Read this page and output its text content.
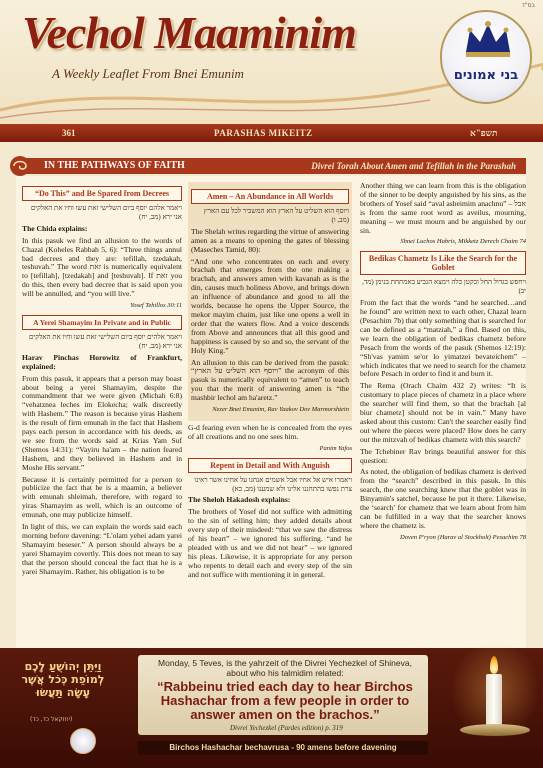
בס"ד
Vechol Maaminim
A Weekly Leaflet From Bnei Emunim	בני אמונים
361	PARASHAS MIKEITZ	תשפ"א
IN THE PATHWAYS OF FAITH	Divrei Torah About Amen and Tefillah in the Parashah
“Do This” and Be Spared from Decrees
ויאמר אלהם יוסף ביום השלישי זאת עשו וחיו את האלקים אני ירא (מב, יח)

The Chida explains:

In this pasuk we find an allusion to the words of Chazal (Koheles Rabbah 5, 6): “Three things annul bad decrees and they are: tefillah, tzedakah, teshuvah.” The word זאת is numerically equivalent to [tefillah], [tzedakah] and [teshuvah]. If זאת you do this, then every bad decree that is said upon you will be annulled, and “you will live.”

Yosef Tehillos 30:11
A Yerei Shamayim In Private and in Public
ויאמר אלהים יוסף ביום השלישי זאת עשו וחיו את האלקים אני ירא (מב, יח)

Harav Pinchas Horowitz of Frankfurt, explained:

From this pasuk, it appears that a person may boast about being a yerei Shamayim, despite the commandment that we were given (Michah 6:8) “vehatznea leches im Elokecha; walk discreetly with Hashem.” The reason is because yiras Hashem is the result of firm emunah in the fact that Hashem pays each person in accordance with his deeds, as we see from the words said at Krias Yam Suf (Shemos 14:31): “Vayiru ha'am – the nation feared Hashem, and they believed in Hashem and in Moshe His servant.”

Because it is certainly permitted for a person to publicize the fact that he is a maamin, a believer with emunah shleimah, therefore, with regard to yiras Shamayim as well, which is an outcome of emunah, one may publicize himself.

In light of this, we can explain the words said each morning before davening: “L'olam yehei adam yarei Shamayim beseser.” A person should always be a yarei Shamayim covertly. This does not mean to say that the person should conceal the fact that he is a yarei Shamayim. Rather, his obligation is to be

Amen – An Abundance in All Worlds
ויוסף הוא השליט על הארץ הוא המשביר לכל עם הארץ (מב, ו)

The Shelah writes regarding the virtue of answering amen as a means to opening the gates of blessing (Maseches Tamid, 80):

“And one who concentrates on each and every brachah that emerges from the one making a brachah, and answers amen with kavanah as is the din, causes much holiness Above, and brings down an influence of abundance and good to all the worlds, because he opens the Upper Source, the mekor mayim chaim, just like one opens a well in order that the waters flow. And a voice descends from Above and announces that all this good and happiness is caused by so and so, the servant of the Holy King.”

An allusion to this can be derived from the pasuk: “ויוסף הוא השליט על הארץ” the acronym of this pasuk is numerically equivalent to “amen” to teach you that the merit of answering amen is “the mashbir lechol am ha'aretz.”

Nezer Bnei Emunim, Rav Yaakov Dov Marmorshtein

G-d fearing even when he is concealed from the eyes of all creations and no one sees him.

Panim Yafos
Repent in Detail and With Anguish
ויאמרו איש אל אחיו אבל אשמים אנחנו על אחינו אשר ראינו צרת נפשו בהתחננו אלינו ולא שמענו (מב, כא)

The Sheloh Hakadosh explains:

The brothers of Yosef did not suffice with admitting to the sin of selling him; they added details about every step of their misdeed: “that we saw the distress of his heart” – we ignored his suffering. “and he pleaded with us and we did not hear” – we ignored his pleas. Likewise, it is appropriate for any person who repents to detail each and every step of the sin and not suffice with mentioning it in general.

Another thing we can learn from this is the obligation of the sinner to be deeply anguished by his sins, as the brothers of Yosef said “aval asheimim anachnu” – אבל is from the same root word as aveilus, mourning, meaning – we must mourn and be anguished by our sin.

Shnei Luchos Habris, Mikketz Derech Chaim 74
Bedikas Chametz Is Like the Search for the Goblet
ויחפש בגדול החל ובקטן כלה וימצא הגביע באמתחת בנימן (מד, יב)

From the fact that the words “and he searched…and he found” are written next to each other, Chazal learn (Pesachim 7b) that only something that is searched for can be defined as a “matziah,” a find. Based on this, we learn the obligation of bedikas chametz before Pesach from the words of the pasuk (Shemos 12:19): “Sh'vas yamim se'or lo yimatzei bevateichem” – which indicates that we need to search for the chametz before Pesach in order to find it and burn it.

The Rema (Orach Chaim 432 2) writes: “It is customary to place pieces of chametz in a place where the searcher will find them, so that the brachah [al biur chametz] should not be in vain.” Many have asked about this custom: Can't the searcher easily find out where the pieces were placed? How does he carry out the mitzvah of bedikas chametz with this search?

The Tchebiner Rav brings beautiful answer for this question:

As noted, the obligation of bedikas chametz is derived from the “search” described in this pasuk. In this search, the one searching knew that the goblet was in Binyamin's satchel, because he put it there. Likewise, the ‘search’ for chametz that we learn about from him can be fulfilled in a way that the searcher knows where the chametz is.

Doven P'ryon (Harav al Stockholt) Pesachim 78
וַיִּתֵּן יְהוֹשֻׁעַ לָכֶם לְמוֹפֵת כְּכֹל אֲשֶׁר עָשָׂה תַּעֲשׂוּ
(יחזקאל כד, כד)
Monday, 5 Teves, is the yahrzeit of the Divrei Yechezkel of Shineva, about who his talmidim related:
“Rabbeinu tried each day to hear Birchos Hashachar from a few people in order to answer amen on the brachos.”
Divrei Yechezkel (Pardes edition) p. 319
Birchos Hashachar bechavrusa - 90 amens before davening
